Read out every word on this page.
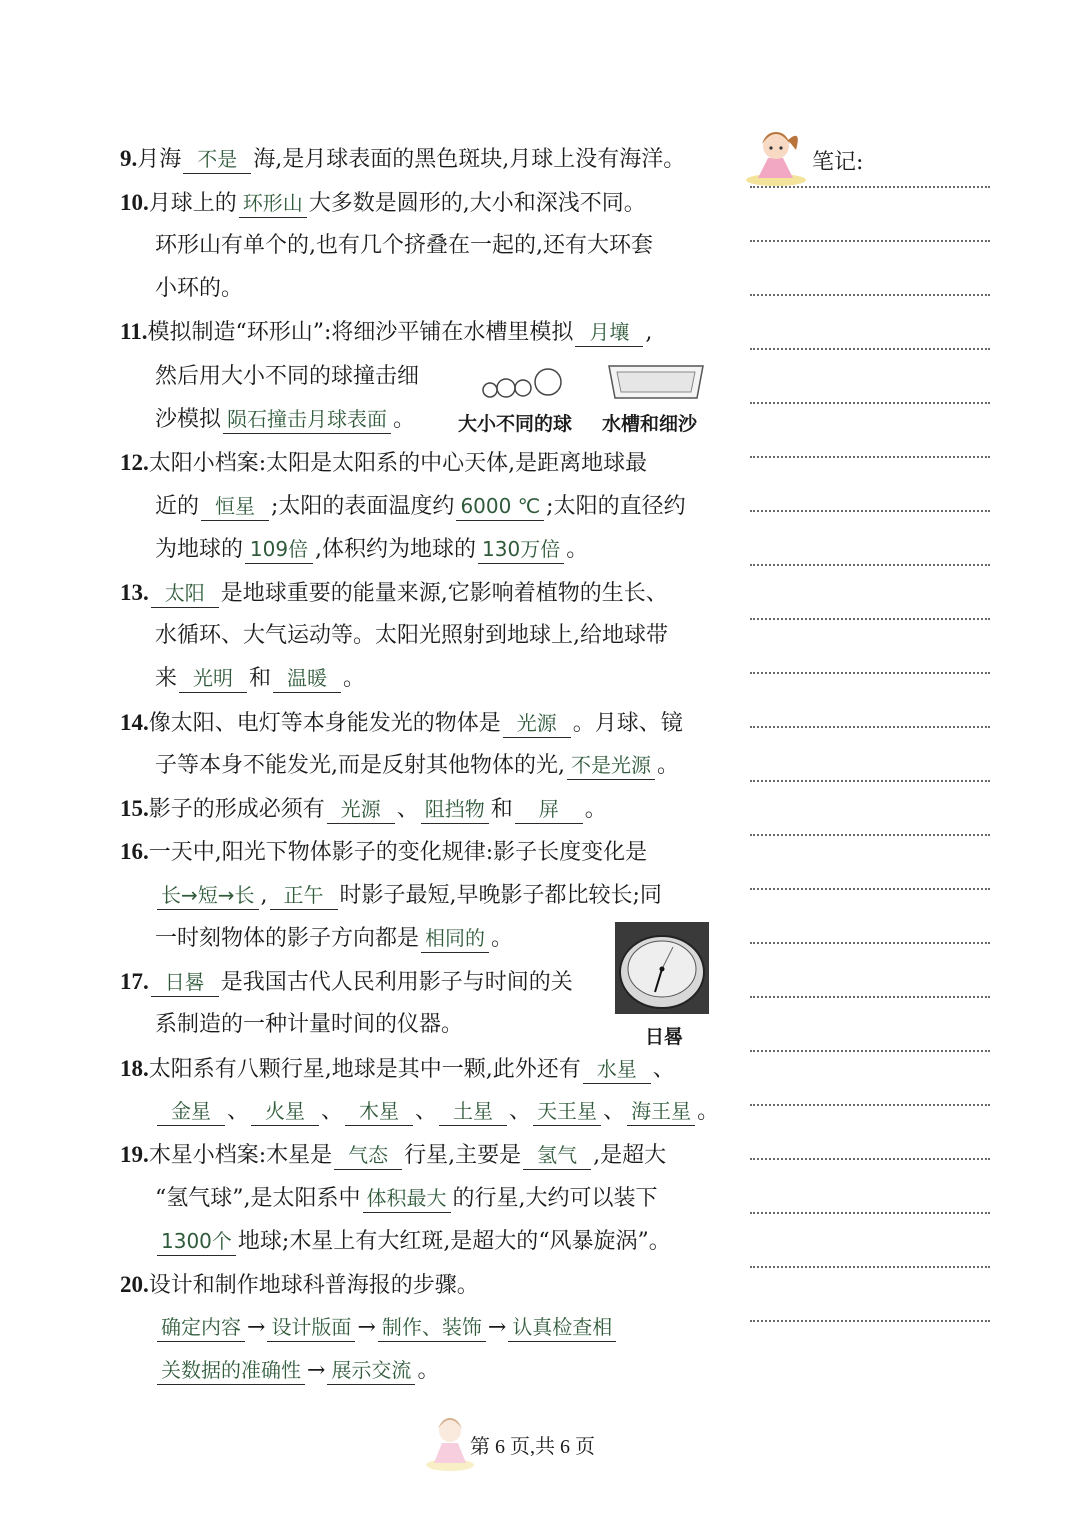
笔记:
9.月海 不是 海,是月球表面的黑色斑块,月球上没有海洋。
10.月球上的 环形山 大多数是圆形的,大小和深浅不同。
环形山有单个的,也有几个挤叠在一起的,还有大环套
小环的。
11.模拟制造“环形山”:将细沙平铺在水槽里模拟 月壤 ,
然后用大小不同的球撞击细
沙模拟 陨石撞击月球表面 。 大小不同的球 水槽和细沙
12.太阳小档案:太阳是太阳系的中心天体,是距离地球最
近的 恒星 ;太阳的表面温度约 6000 ℃ ;太阳的直径约
为地球的 109倍 ,体积约为地球的 130万倍 。
13. 太阳 是地球重要的能量来源,它影响着植物的生长、
水循环、大气运动等。太阳光照射到地球上,给地球带
来 光明 和 温暖 。
14.像太阳、电灯等本身能发光的物体是 光源 。月球、镜
子等本身不能发光,而是反射其他物体的光, 不是光源 。
15.影子的形成必须有 光源 、 阻挡物 和 屏 。
16.一天中,阳光下物体影子的变化规律:影子长度变化是
长→短→长 , 正午 时影子最短,早晚影子都比较长;同
一时刻物体的影子方向都是 相同的 。
17. 日晷 是我国古代人民利用影子与时间的关
系制造的一种计量时间的仪器。	日晷
18.太阳系有八颗行星,地球是其中一颗,此外还有 水星 、
金星 、 火星 、 木星 、 土星 、 天王星 、 海王星 。
19.木星小档案:木星是 气态 行星,主要是 氢气 ,是超大
“氢气球”,是太阳系中 体积最大 的行星,大约可以装下
1300个 地球;木星上有大红斑,是超大的“风暴旋涡”。
20.设计和制作地球科普海报的步骤。
确定内容 → 设计版面 → 制作、装饰 → 认真检查相
关数据的准确性 → 展示交流 。
第 6 页,共 6 页
